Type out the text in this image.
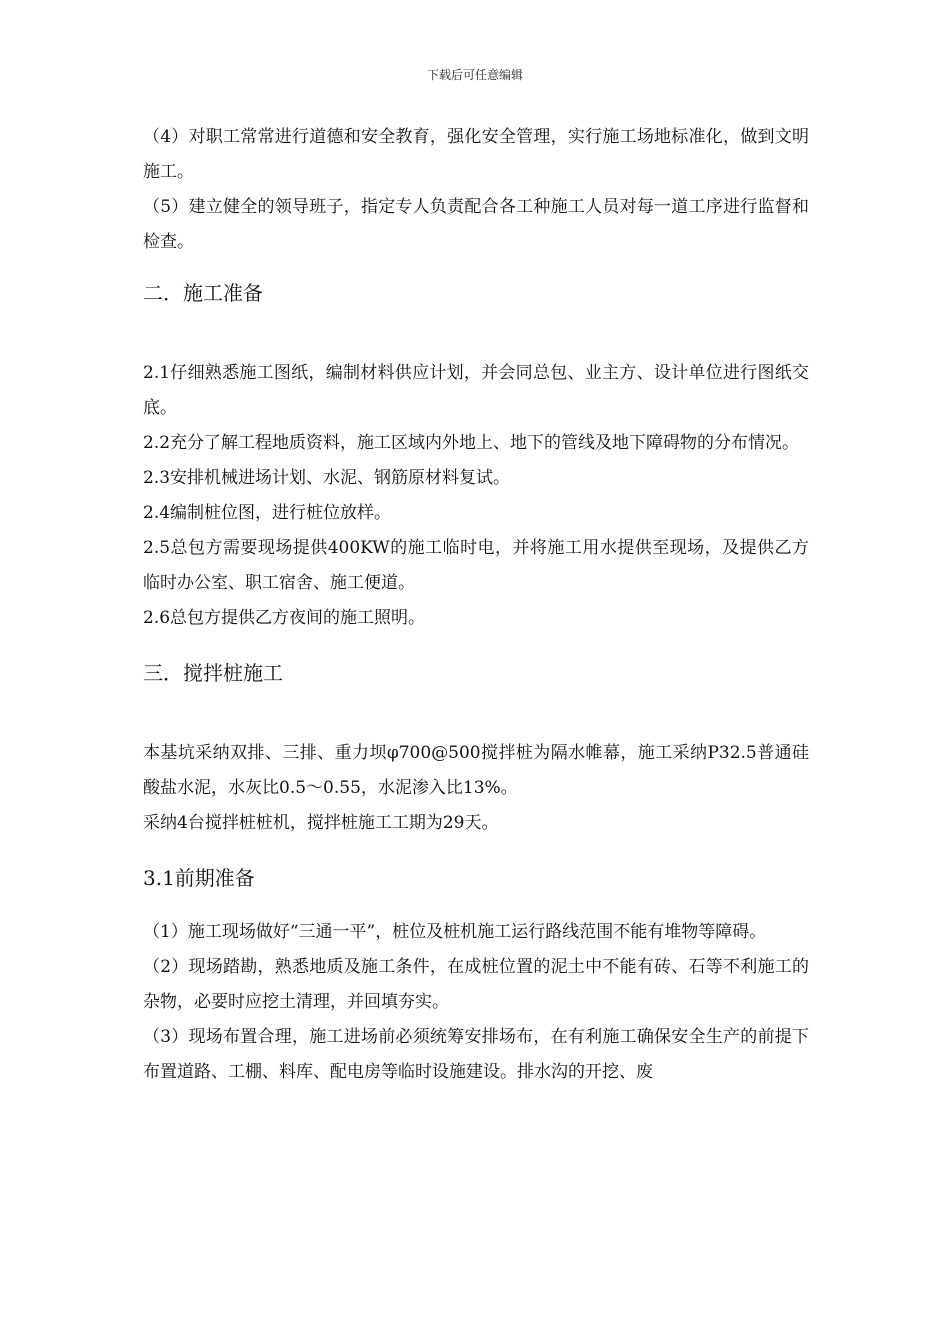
下载后可任意编辑

（4）对职工常常进行道德和安全教育，强化安全管理，实行施工场地标准化，做到文明施工。

（5）建立健全的领导班子，指定专人负责配合各工种施工人员对每一道工序进行监督和检查。

二．施工准备

2.1仔细熟悉施工图纸，编制材料供应计划，并会同总包、业主方、设计单位进行图纸交底。

2.2充分了解工程地质资料，施工区域内外地上、地下的管线及地下障碍物的分布情况。

2.3安排机械进场计划、水泥、钢筋原材料复试。

2.4编制桩位图，进行桩位放样。

2.5总包方需要现场提供400KW的施工临时电，并将施工用水提供至现场，及提供乙方临时办公室、职工宿舍、施工便道。

2.6总包方提供乙方夜间的施工照明。

三．搅拌桩施工

本基坑采纳双排、三排、重力坝φ700@500搅拌桩为隔水帷幕，施工采纳P32.5普通硅酸盐水泥，水灰比0.5～0.55，水泥渗入比13%。

采纳4台搅拌桩桩机，搅拌桩施工工期为29天。

3.1前期准备

（1）施工现场做好“三通一平”，桩位及桩机施工运行路线范围不能有堆物等障碍。

（2）现场踏勘，熟悉地质及施工条件，在成桩位置的泥土中不能有砖、石等不利施工的杂物，必要时应挖土清理，并回填夯实。

（3）现场布置合理，施工进场前必须统筹安排场布，在有利施工确保安全生产的前提下布置道路、工棚、料库、配电房等临时设施建设。排水沟的开挖、废
